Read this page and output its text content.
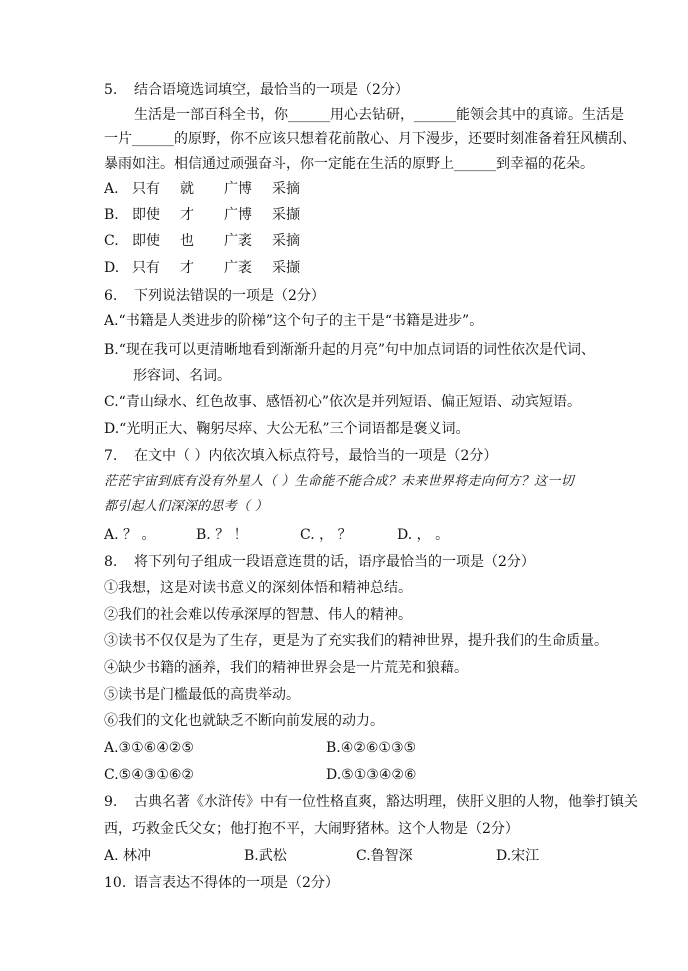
5. 结合语境选词填空，最恰当的一项是（2分）
生活是一部百科全书，你______用心去钻研，______能领会其中的真谛。生活是
一片______的原野，你不应该只想着花前散心、月下漫步，还要时刻准备着狂风横刮、
暴雨如注。相信通过顽强奋斗，你一定能在生活的原野上______到幸福的花朵。
A. 只有 就 广博 采摘
B. 即使 才 广博 采撷
C. 即使 也 广袤 采摘
D. 只有 才 广袤 采撷
6. 下列说法错误的一项是（2分）
A.“书籍是人类进步的阶梯”这个句子的主干是“书籍是进步”。
B.“现在我可以更清晰地看到渐渐升起的月亮”句中加点词语的词性依次是代词、
形容词、名词。
C.“青山绿水、红色故事、感悟初心”依次是并列短语、偏正短语、动宾短语。
D.“光明正大、鞠躬尽瘁、大公无私”三个词语都是褒义词。
7. 在文中（ ）内依次填入标点符号，最恰当的一项是（2分）
茫茫宇宙到底有没有外星人（ ）生命能不能合成？未来世界将走向何方？这一切
都引起人们深深的思考（ ）
A. ？ 。	B. ？ ！	C. ， ？	D. ， 。
8. 将下列句子组成一段语意连贯的话，语序最恰当的一项是（2分）
①我想，这是对读书意义的深刻体悟和精神总结。
②我们的社会难以传承深厚的智慧、伟人的精神。
③读书不仅仅是为了生存，更是为了充实我们的精神世界，提升我们的生命质量。
④缺少书籍的涵养，我们的精神世界会是一片荒芜和狼藉。
⑤读书是门槛最低的高贵举动。
⑥我们的文化也就缺乏不断向前发展的动力。
A.③①⑥④②⑤	B.④②⑥①③⑤
C.⑤④③①⑥②	D.⑤①③④②⑥
9. 古典名著《水浒传》中有一位性格直爽，豁达明理，侠肝义胆的人物，他拳打镇关
西，巧救金氏父女；他打抱不平，大闹野猪林。这个人物是（2分）
A. 林冲	B.武松	C.鲁智深	D.宋江
10. 语言表达不得体的一项是（2分）
